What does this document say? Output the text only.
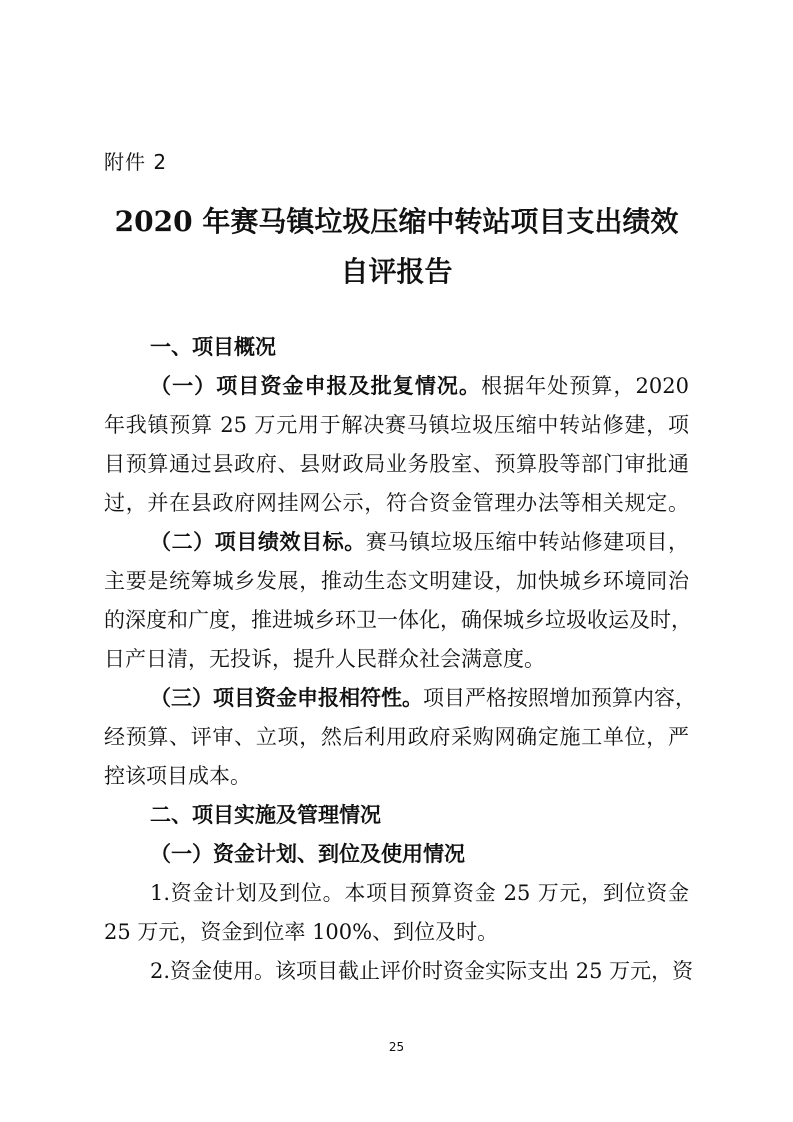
附件 2
2020 年赛马镇垃圾压缩中转站项目支出绩效
自评报告
一、项目概况
（一）项目资金申报及批复情况。根据年处预算，2020
年我镇预算 25 万元用于解决赛马镇垃圾压缩中转站修建，项
目预算通过县政府、县财政局业务股室、预算股等部门审批通
过，并在县政府网挂网公示，符合资金管理办法等相关规定。
（二）项目绩效目标。赛马镇垃圾压缩中转站修建项目，
主要是统筹城乡发展，推动生态文明建设，加快城乡环境同治
的深度和广度，推进城乡环卫一体化，确保城乡垃圾收运及时，
日产日清，无投诉，提升人民群众社会满意度。
（三）项目资金申报相符性。项目严格按照增加预算内容，
经预算、评审、立项，然后利用政府采购网确定施工单位，严
控该项目成本。
二、项目实施及管理情况
（一）资金计划、到位及使用情况
1.资金计划及到位。本项目预算资金 25 万元，到位资金
25 万元，资金到位率 100%、到位及时。
2.资金使用。该项目截止评价时资金实际支出 25 万元，资
25
